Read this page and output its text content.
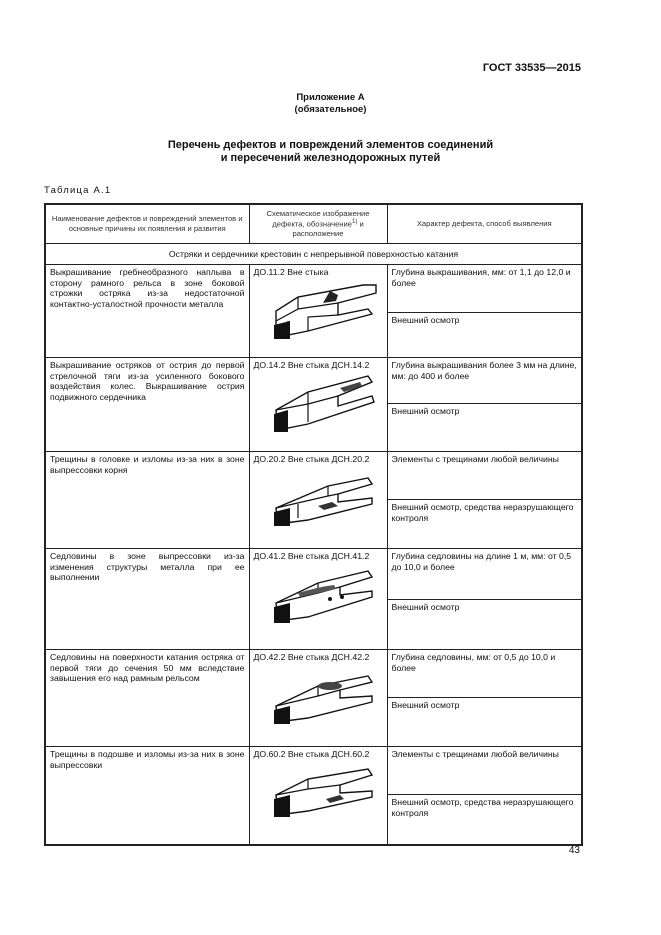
ГОСТ 33535—2015
Приложение А
(обязательное)
Перечень дефектов и повреждений элементов соединений
и пересечений железнодорожных путей
Таблица А.1
Наименование дефектов и повреждений элементов и основные причины их появления и развития	Схематическое изображение дефекта, обозначение$^{1)}$ и расположение	Характер дефекта, способ выявления
Остряки и сердечники крестовин с непрерывной поверхностью катания		
Выкрашивание гребнеобразного наплыва в сторону рамного рельса в зоне боковой строжки остряка из-за недостаточной контактно-усталостной прочности металла	ДО.11.2 Вне стыка	Глубина выкрашивания, мм: от 1,1 до 12,0 и более
		Внешний осмотр
Выкрашивание остряков от острия до первой стрелочной тяги из-за усиленного бокового воздействия колес. Выкрашивание острия подвижного сердечника	ДО.14.2 Вне стыка ДСН.14.2	Глубина выкрашивания более 3 мм на длине, мм: до 400 и более
		Внешний осмотр
Трещины в головке и изломы из-за них в зоне выпрессовки корня	ДО.20.2 Вне стыка ДСН.20.2	Элементы с трещинами любой величины
		Внешний осмотр, средства неразрушающего контроля
Седловины в зоне выпрессовки из-за изменения структуры металла при ее выполнении	ДО.41.2 Вне стыка ДСН.41.2	Глубина седловины на длине 1 м, мм: от 0,5 до 10,0 и более
		Внешний осмотр
Седловины на поверхности катания остряка от первой тяги до сечения 50 мм вследствие завышения его над рамным рельсом	ДО.42.2 Вне стыка ДСН.42.2	Глубина седловины, мм: от 0,5 до 10,0 и более
		Внешний осмотр
Трещины в подошве и изломы из-за них в зоне выпрессовки	ДО.60.2 Вне стыка ДСН.60.2	Элементы с трещинами любой величины
		Внешний осмотр, средства неразрушающего контроля
43
